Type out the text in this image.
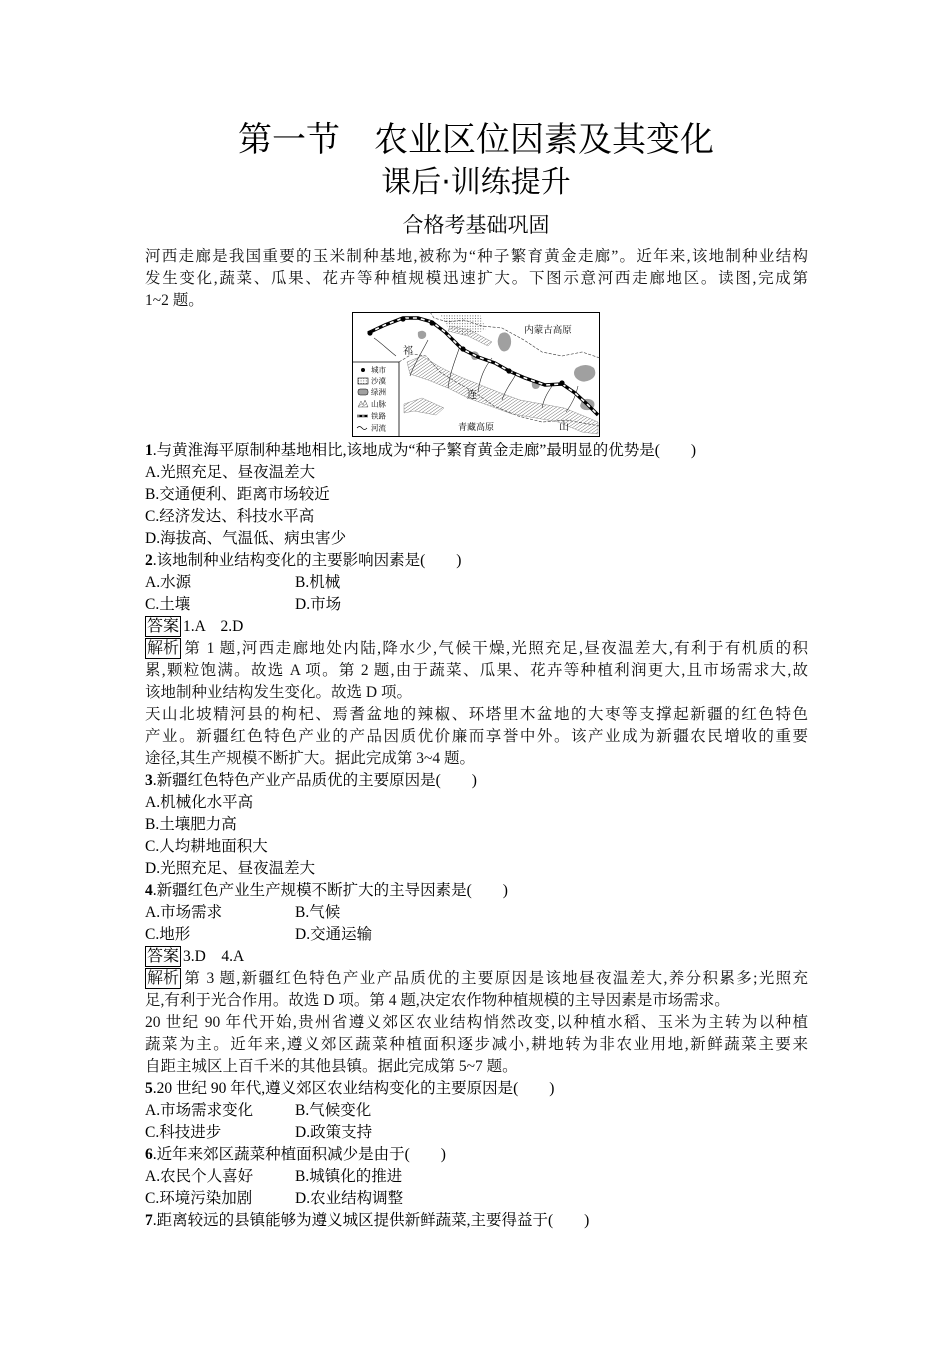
第一节　农业区位因素及其变化
课后·训练提升
合格考基础巩固
河西走廊是我国重要的玉米制种基地,被称为“种子繁育黄金走廊”。近年来,该地制种业结构
发生变化,蔬菜、瓜果、花卉等种植规模迅速扩大。下图示意河西走廊地区。读图,完成第
1~2 题。
内蒙古高原
祁
连
山
青藏高原
城市
沙漠
绿洲
山脉
铁路
河流
1.与黄淮海平原制种基地相比,该地成为“种子繁育黄金走廊”最明显的优势是(　　)
A.光照充足、昼夜温差大
B.交通便利、距离市场较近
C.经济发达、科技水平高
D.海拔高、气温低、病虫害少
2.该地制种业结构变化的主要影响因素是(　　)
A.水源	B.机械
C.土壤	D.市场
答案 1.A　2.D
解析 第 1 题,河西走廊地处内陆,降水少,气候干燥,光照充足,昼夜温差大,有利于有机质的积
累,颗粒饱满。故选 A 项。第 2 题,由于蔬菜、瓜果、花卉等种植利润更大,且市场需求大,故
该地制种业结构发生变化。故选 D 项。
天山北坡精河县的枸杞、焉耆盆地的辣椒、环塔里木盆地的大枣等支撑起新疆的红色特色
产业。新疆红色特色产业的产品因质优价廉而享誉中外。该产业成为新疆农民增收的重要
途径,其生产规模不断扩大。据此完成第 3~4 题。
3.新疆红色特色产业产品质优的主要原因是(　　)
A.机械化水平高
B.土壤肥力高
C.人均耕地面积大
D.光照充足、昼夜温差大
4.新疆红色产业生产规模不断扩大的主导因素是(　　)
A.市场需求	B.气候
C.地形	D.交通运输
答案 3.D　4.A
解析 第 3 题,新疆红色特色产业产品质优的主要原因是该地昼夜温差大,养分积累多;光照充
足,有利于光合作用。故选 D 项。第 4 题,决定农作物种植规模的主导因素是市场需求。
20 世纪 90 年代开始,贵州省遵义郊区农业结构悄然改变,以种植水稻、玉米为主转为以种植
蔬菜为主。近年来,遵义郊区蔬菜种植面积逐步减小,耕地转为非农业用地,新鲜蔬菜主要来
自距主城区上百千米的其他县镇。据此完成第 5~7 题。
5.20 世纪 90 年代,遵义郊区农业结构变化的主要原因是(　　)
A.市场需求变化	B.气候变化
C.科技进步	D.政策支持
6.近年来郊区蔬菜种植面积减少是由于(　　)
A.农民个人喜好	B.城镇化的推进
C.环境污染加剧	D.农业结构调整
7.距离较远的县镇能够为遵义城区提供新鲜蔬菜,主要得益于(　　)
